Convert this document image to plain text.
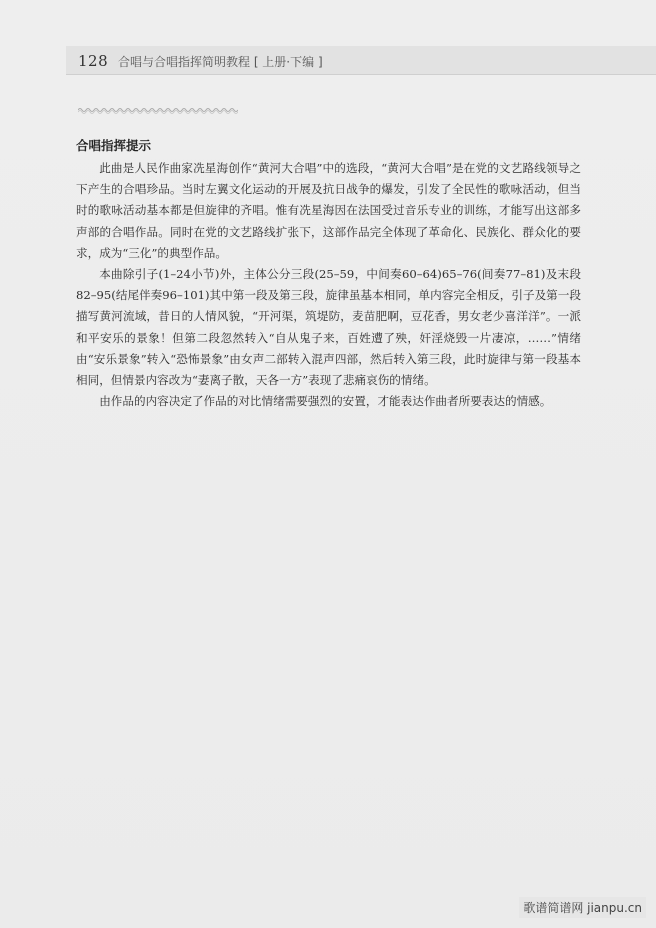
128 合唱与合唱指挥简明教程 [ 上册·下编 ]
合唱指挥提示

此曲是人民作曲家冼星海创作“黄河大合唱”中的选段，“黄河大合唱”是在党的文艺路线领导之下产生的合唱珍品。当时左翼文化运动的开展及抗日战争的爆发，引发了全民性的歌咏活动，但当时的歌咏活动基本都是但旋律的齐唱。惟有冼星海因在法国受过音乐专业的训练，才能写出这部多声部的合唱作品。同时在党的文艺路线扩张下，这部作品完全体现了革命化、民族化、群众化的要求，成为“三化”的典型作品。

本曲除引子(1–24小节)外，主体公分三段(25–59，中间奏60–64)65–76(间奏77–81)及末段82–95(结尾伴奏96–101)其中第一段及第三段，旋律虽基本相同，单内容完全相反，引子及第一段描写黄河流域，昔日的人情风貌，“开河渠，筑堤防，麦苗肥啊，豆花香，男女老少喜洋洋”。一派和平安乐的景象！但第二段忽然转入“自从鬼子来，百姓遭了殃，奸淫烧毁一片凄凉，……”情绪由“安乐景象”转入“恐怖景象”由女声二部转入混声四部，然后转入第三段，此时旋律与第一段基本相同，但情景内容改为“妻离子散，天各一方”表现了悲痛哀伤的情绪。

由作品的内容决定了作品的对比情绪需要强烈的安置，才能表达作曲者所要表达的情感。

歌谱简谱网 jianpu.cn
